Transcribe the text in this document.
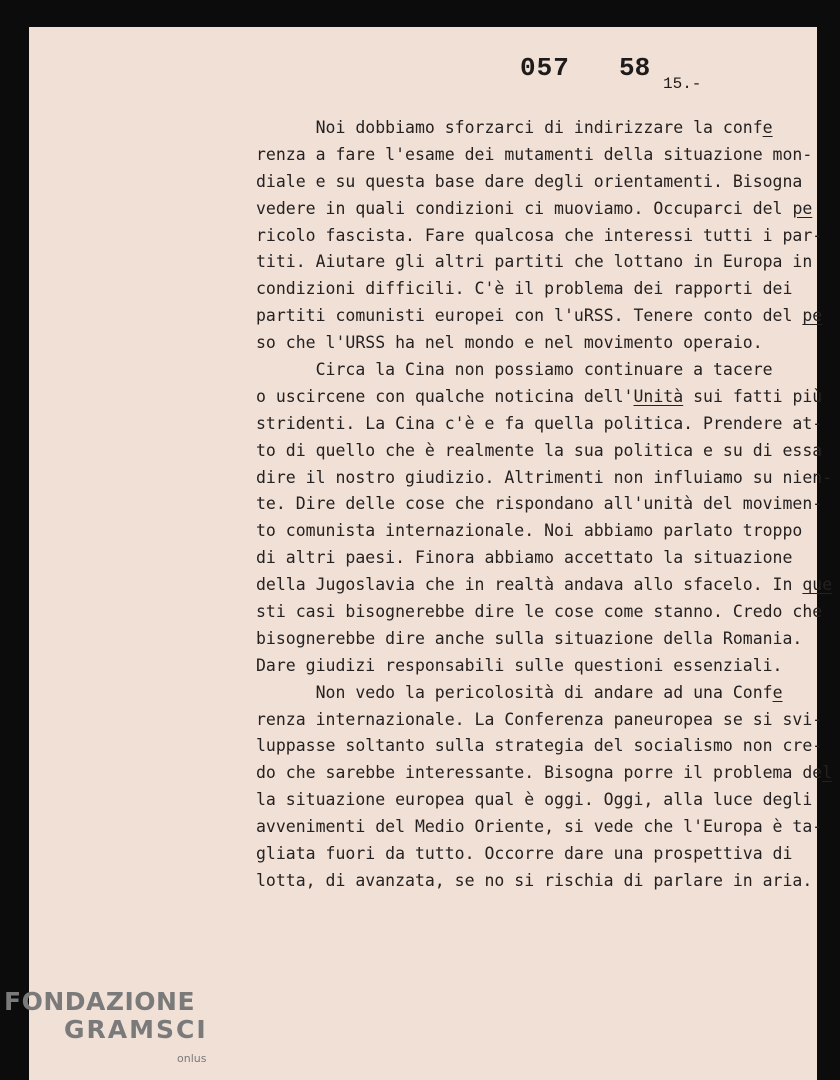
057 58
15.-
Noi dobbiamo sforzarci di indirizzare la confe
renza a fare l'esame dei mutamenti della situazione mon-
diale e su questa base dare degli orientamenti. Bisogna
vedere in quali condizioni ci muoviamo. Occuparci del pe
ricolo fascista. Fare qualcosa che interessi tutti i par-
titi. Aiutare gli altri partiti che lottano in Europa in
condizioni difficili. C'è il problema dei rapporti dei
partiti comunisti europei con l'uRSS. Tenere conto del pe
so che l'URSS ha nel mondo e nel movimento operaio.
Circa la Cina non possiamo continuare a tacere
o uscircene con qualche noticina dell'Unità sui fatti più
stridenti. La Cina c'è e fa quella politica. Prendere at-
to di quello che è realmente la sua politica e su di essa
dire il nostro giudizio. Altrimenti non influiamo su nien-
te. Dire delle cose che rispondano all'unità del movimen-
to comunista internazionale. Noi abbiamo parlato troppo
di altri paesi. Finora abbiamo accettato la situazione
della Jugoslavia che in realtà andava allo sfacelo. In que
sti casi bisognerebbe dire le cose come stanno. Credo che
bisognerebbe dire anche sulla situazione della Romania.
Dare giudizi responsabili sulle questioni essenziali.
Non vedo la pericolosità di andare ad una Confe
renza internazionale. La Conferenza paneuropea se si svi-
luppasse soltanto sulla strategia del socialismo non cre-
do che sarebbe interessante. Bisogna porre il problema del
la situazione europea qual è oggi. Oggi, alla luce degli
avvenimenti del Medio Oriente, si vede che l'Europa è ta-
gliata fuori da tutto. Occorre dare una prospettiva di
lotta, di avanzata, se no si rischia di parlare in aria.
FONDAZIONE
GRAMSCI
onlus
